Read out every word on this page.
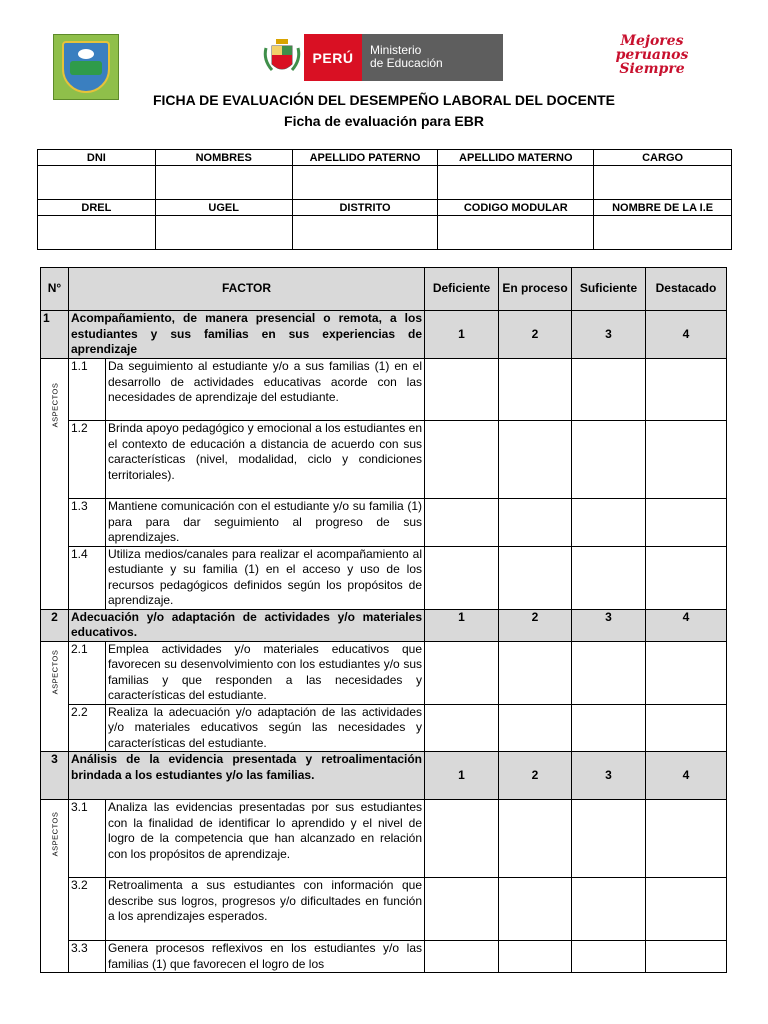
PERÚ	Ministerio
de Educación
Mejores
peruanos
Siempre
FICHA DE EVALUACIÓN DEL DESEMPEÑO LABORAL DEL DOCENTE
Ficha de evaluación para EBR
DNI	NOMBRES	APELLIDO PATERNO	APELLIDO MATERNO	CARGO

DREL	UGEL	DISTRITO	CODIGO MODULAR	NOMBRE DE LA I.E

N°	FACTOR		Deficiente	En proceso	Suficiente	Destacado
1	Acompañamiento, de manera presencial o remota, a los estudiantes y sus familias en sus experiencias de aprendizaje		1	2	3	4

ASPECTOS	1.1	Da seguimiento al estudiante y/o a sus familias (1) en el desarrollo de actividades educativas acorde con las necesidades de aprendizaje del estudiante.				
	1.2	Brinda apoyo pedagógico y emocional a los estudiantes en el contexto de educación a distancia de acuerdo con sus características (nivel, modalidad, ciclo y condiciones territoriales).				
	1.3	Mantiene comunicación con el estudiante y/o su familia (1) para para dar seguimiento al progreso de sus aprendizajes.				
	1.4	Utiliza medios/canales para realizar el acompañamiento al estudiante y su familia (1) en el acceso y uso de los recursos pedagógicos definidos según los propósitos de aprendizaje.				
2	Adecuación y/o adaptación de actividades y/o materiales educativos.		1	2	3	4

ASPECTOS	2.1	Emplea actividades y/o materiales educativos que favorecen su desenvolvimiento con los estudiantes y/o sus familias y que responden a las necesidades y características del estudiante.				
	2.2	Realiza la adecuación y/o adaptación de las actividades y/o materiales educativos según las necesidades y características del estudiante.				
3	Análisis de la evidencia presentada y retroalimentación brindada a los estudiantes y/o las familias.		1	2	3	4

ASPECTOS	3.1	Analiza las evidencias presentadas por sus estudiantes con la finalidad de identificar lo aprendido y el nivel de logro de la competencia que han alcanzado en relación con los propósitos de aprendizaje.				
	3.2	Retroalimenta a sus estudiantes con información que describe sus logros, progresos y/o dificultades en función a los aprendizajes esperados.				
	3.3	Genera procesos reflexivos en los estudiantes y/o las familias (1) que favorecen el logro de los				
